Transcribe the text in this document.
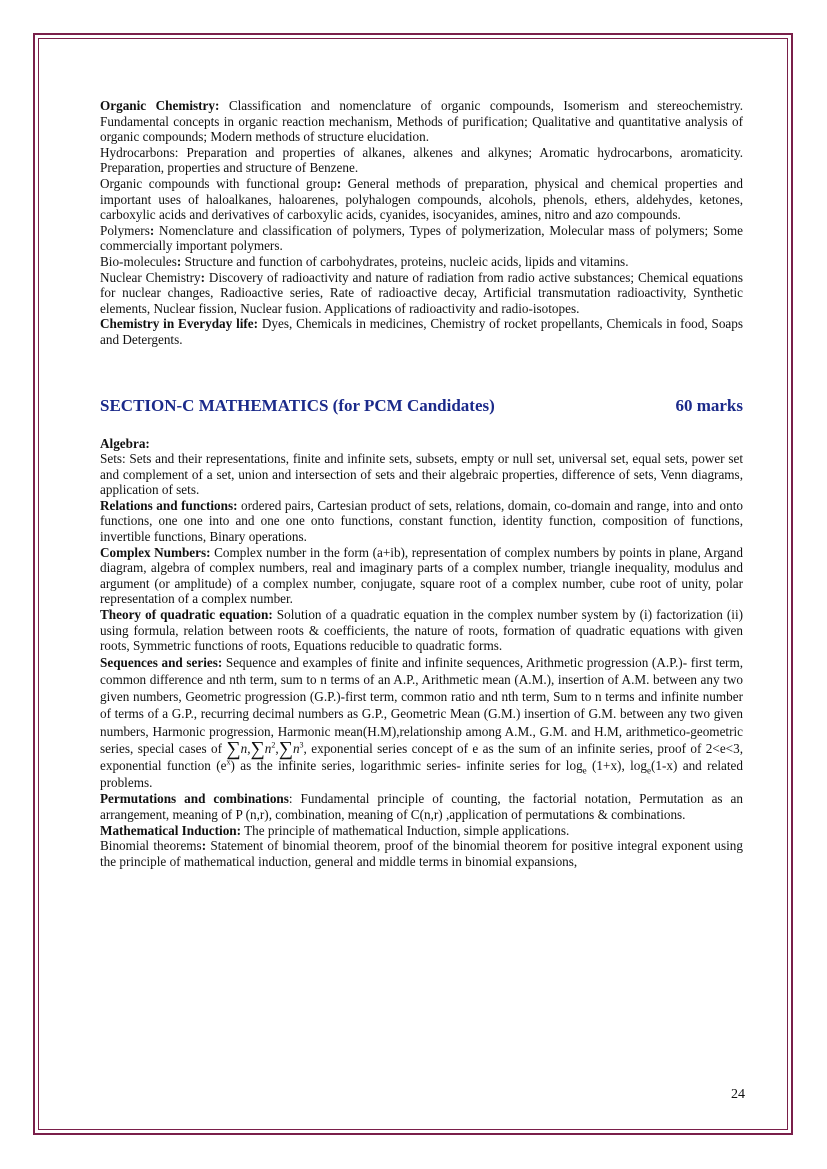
Organic Chemistry: Classification and nomenclature of organic compounds, Isomerism and stereochemistry. Fundamental concepts in organic reaction mechanism, Methods of purification; Qualitative and quantitative analysis of organic compounds; Modern methods of structure elucidation.

Hydrocarbons: Preparation and properties of alkanes, alkenes and alkynes; Aromatic hydrocarbons, aromaticity. Preparation, properties and structure of Benzene.

Organic compounds with functional group: General methods of preparation, physical and chemical properties and important uses of haloalkanes, haloarenes, polyhalogen compounds, alcohols, phenols, ethers, aldehydes, ketones, carboxylic acids and derivatives of carboxylic acids, cyanides, isocyanides, amines, nitro and azo compounds.

Polymers: Nomenclature and classification of polymers, Types of polymerization, Molecular mass of polymers; Some commercially important polymers.

Bio-molecules: Structure and function of carbohydrates, proteins, nucleic acids, lipids and vitamins.

Nuclear Chemistry: Discovery of radioactivity and nature of radiation from radio active substances; Chemical equations for nuclear changes, Radioactive series, Rate of radioactive decay, Artificial transmutation radioactivity, Synthetic elements, Nuclear fission, Nuclear fusion. Applications of radioactivity and radio-isotopes.

Chemistry in Everyday life: Dyes, Chemicals in medicines, Chemistry of rocket propellants, Chemicals in food, Soaps and Detergents.

SECTION-C MATHEMATICS (for PCM Candidates)	60 marks

Algebra:

Sets: Sets and their representations, finite and infinite sets, subsets, empty or null set, universal set, equal sets, power set and complement of a set, union and intersection of sets and their algebraic properties, difference of sets, Venn diagrams, application of sets.

Relations and functions: ordered pairs, Cartesian product of sets, relations, domain, co-domain and range, into and onto functions, one one into and one one onto functions, constant function, identity function, composition of functions, invertible functions, Binary operations.

Complex Numbers: Complex number in the form (a+ib), representation of complex numbers by points in plane, Argand diagram, algebra of complex numbers, real and imaginary parts of a complex number, triangle inequality, modulus and argument (or amplitude) of a complex number, conjugate, square root of a complex number, cube root of unity, polar representation of a complex number.

Theory of quadratic equation: Solution of a quadratic equation in the complex number system by (i) factorization (ii) using formula, relation between roots & coefficients, the nature of roots, formation of quadratic equations with given roots, Symmetric functions of roots, Equations reducible to quadratic forms.

Sequences and series: Sequence and examples of finite and infinite sequences, Arithmetic progression (A.P.)- first term, common difference and nth term, sum to n terms of an A.P., Arithmetic mean (A.M.), insertion of A.M. between any two given numbers, Geometric progression (G.P.)-first term, common ratio and nth term, Sum to n terms and infinite number of terms of a G.P., recurring decimal numbers as G.P., Geometric Mean (G.M.) insertion of G.M. between any two given numbers, Harmonic progression, Harmonic mean(H.M),relationship among A.M., G.M. and H.M, arithmetico-geometric series, special cases of $\sum n,\sum n^2,\sum n^3$, exponential series concept of e as the sum of an infinite series, proof of 2<e<3, exponential function $(e^x)$ as the infinite series, logarithmic series- infinite series for $\log_e (1+x)$, $\log_e(1-x)$ and related problems.

Permutations and combinations: Fundamental principle of counting, the factorial notation, Permutation as an arrangement, meaning of P (n,r), combination, meaning of C(n,r) ,application of permutations & combinations.

Mathematical Induction: The principle of mathematical Induction, simple applications.

Binomial theorems: Statement of binomial theorem, proof of the binomial theorem for positive integral exponent using the principle of mathematical induction, general and middle terms in binomial expansions,

24
